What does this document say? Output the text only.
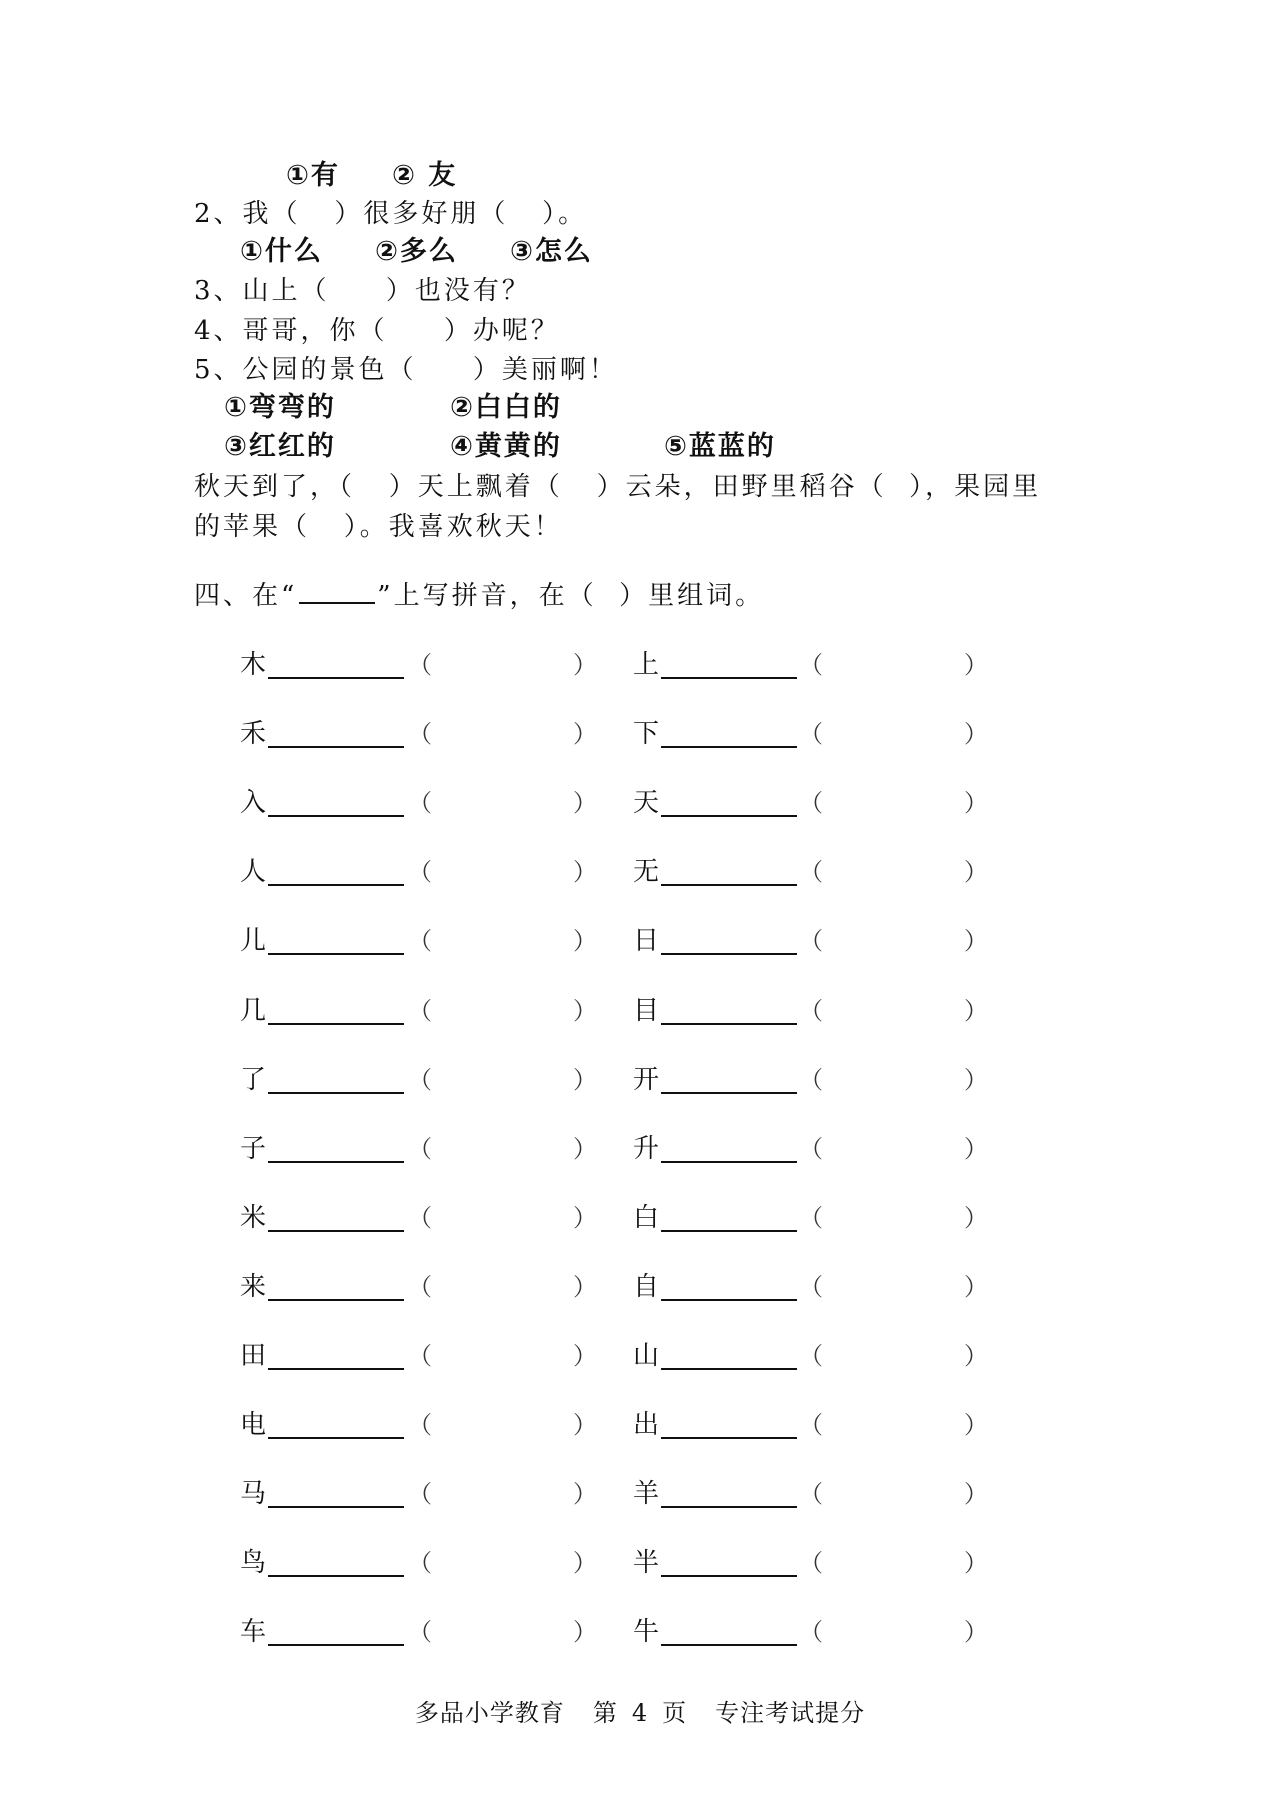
①有 ② 友
2、我（   ）很多好朋（   ）。
①什么 ②多么 ③怎么
3、山上（     ）也没有？
4、哥哥，你（     ）办呢？
5、公园的景色（     ）美丽啊！
①弯弯的	②白白的
③红红的	④黄黄的	⑤蓝蓝的
秋天到了，（   ）天上飘着（   ）云朵，田野里稻谷（  ），果园里
的苹果（   ）。我喜欢秋天！
四、在“	”上写拼音，在（  ）里组词。
木	（	） 上	（	）
禾	（	） 下	（	）
入	（	） 天	（	）
人	（	） 无	（	）
儿	（	） 日	（	）
几	（	） 目	（	）
了	（	） 开	（	）
子	（	） 升	（	）
米	（	） 白	（	）
来	（	） 自	（	）
田	（	） 山	（	）
电	（	） 出	（	）
马	（	） 羊	（	）
鸟	（	） 半	（	）
车	（	） 牛	（	）
多品小学教育 第 4 页 专注考试提分
